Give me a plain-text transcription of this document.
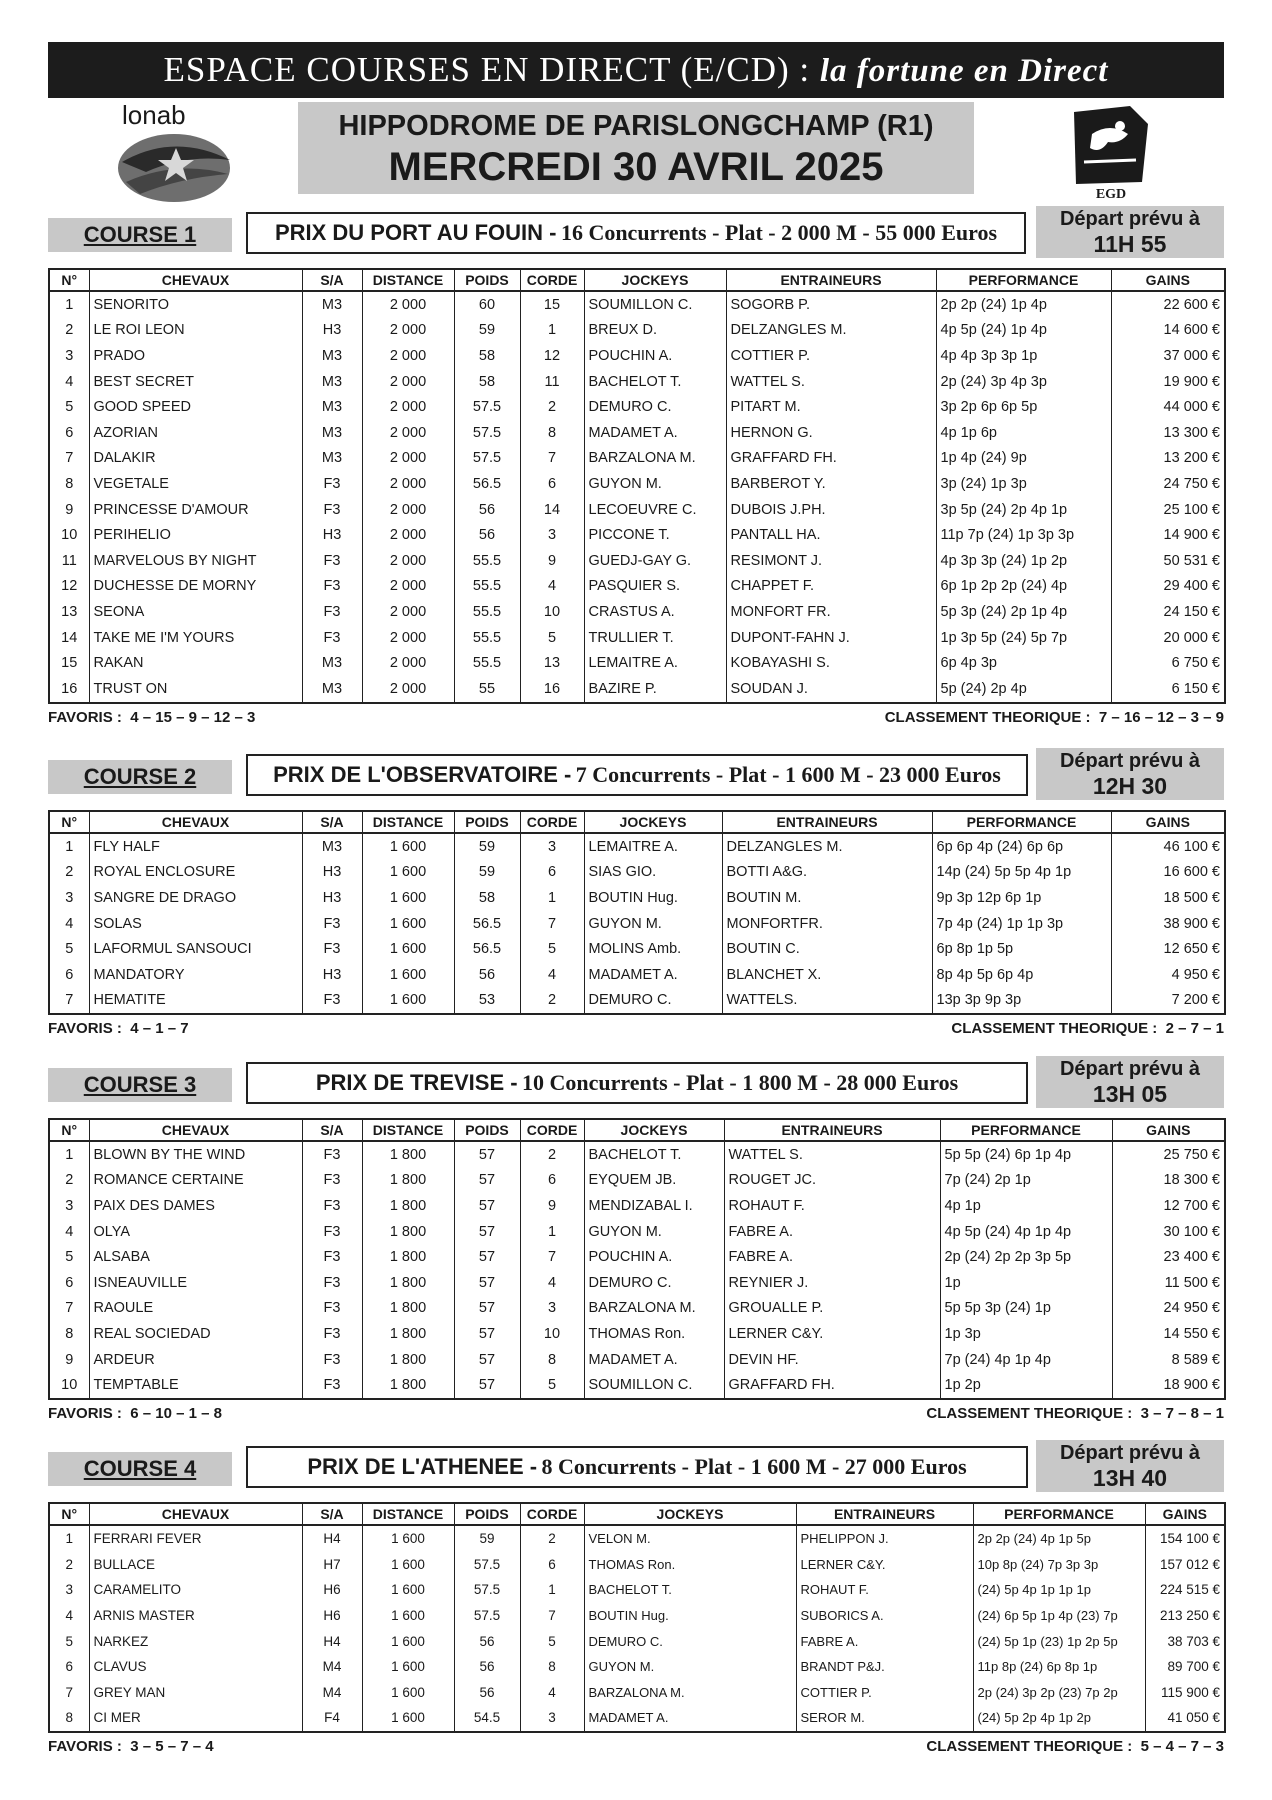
ESPACE COURSES EN DIRECT (E/CD) : la fortune en Direct
lonab	HIPPODROME DE PARISLONGCHAMP (R1)
MERCREDI 30 AVRIL 2025
EGD
COURSE 1	PRIX DU PORT AU FOUIN - 16 Concurrents - Plat - 2 000 M - 55 000 Euros
Départ prévu à
11H 55
N°	CHEVAUX	S/A	DISTANCE	POIDS	CORDE	JOCKEYS	ENTRAINEURS	PERFORMANCE	GAINS
1	SENORITO	M3	2 000	60	15	SOUMILLON C.	SOGORB P.	2p 2p (24) 1p 4p	22 600 €
2	LE ROI LEON	H3	2 000	59	1	BREUX D.	DELZANGLES M.	4p 5p (24) 1p 4p	14 600 €
3	PRADO	M3	2 000	58	12	POUCHIN A.	COTTIER P.	4p 4p 3p 3p 1p	37 000 €
4	BEST SECRET	M3	2 000	58	11	BACHELOT T.	WATTEL S.	2p (24) 3p 4p 3p	19 900 €
5	GOOD SPEED	M3	2 000	57.5	2	DEMURO C.	PITART M.	3p 2p 6p 6p 5p	44 000 €
6	AZORIAN	M3	2 000	57.5	8	MADAMET A.	HERNON G.	4p 1p 6p	13 300 €
7	DALAKIR	M3	2 000	57.5	7	BARZALONA M.	GRAFFARD FH.	1p 4p (24) 9p	13 200 €
8	VEGETALE	F3	2 000	56.5	6	GUYON M.	BARBEROT Y.	3p (24) 1p 3p	24 750 €
9	PRINCESSE D'AMOUR	F3	2 000	56	14	LECOEUVRE C.	DUBOIS J.PH.	3p 5p (24) 2p 4p 1p	25 100 €
10	PERIHELIO	H3	2 000	56	3	PICCONE T.	PANTALL HA.	11p 7p (24) 1p 3p 3p	14 900 €
11	MARVELOUS BY NIGHT	F3	2 000	55.5	9	GUEDJ-GAY G.	RESIMONT J.	4p 3p 3p (24) 1p 2p	50 531 €
12	DUCHESSE DE MORNY	F3	2 000	55.5	4	PASQUIER S.	CHAPPET F.	6p 1p 2p 2p (24) 4p	29 400 €
13	SEONA	F3	2 000	55.5	10	CRASTUS A.	MONFORT FR.	5p 3p (24) 2p 1p 4p	24 150 €
14	TAKE ME I'M YOURS	F3	2 000	55.5	5	TRULLIER T.	DUPONT-FAHN J.	1p 3p 5p (24) 5p 7p	20 000 €
15	RAKAN	M3	2 000	55.5	13	LEMAITRE A.	KOBAYASHI S.	6p 4p 3p	6 750 €
16	TRUST ON	M3	2 000	55	16	BAZIRE P.	SOUDAN J.	5p (24) 2p 4p	6 150 €
FAVORIS : 4 – 15 – 9 – 12 – 3	CLASSEMENT THEORIQUE : 7 – 16 – 12 – 3 – 9
COURSE 2	PRIX DE L'OBSERVATOIRE - 7 Concurrents - Plat - 1 600 M - 23 000 Euros
Départ prévu à
12H 30
N°	CHEVAUX	S/A	DISTANCE	POIDS	CORDE	JOCKEYS	ENTRAINEURS	PERFORMANCE	GAINS
1	FLY HALF	M3	1 600	59	3	LEMAITRE A.	DELZANGLES M.	6p 6p 4p (24) 6p 6p	46 100 €
2	ROYAL ENCLOSURE	H3	1 600	59	6	SIAS GIO.	BOTTI A&G.	14p (24) 5p 5p 4p 1p	16 600 €
3	SANGRE DE DRAGO	H3	1 600	58	1	BOUTIN Hug.	BOUTIN M.	9p 3p 12p 6p 1p	18 500 €
4	SOLAS	F3	1 600	56.5	7	GUYON M.	MONFORTFR.	7p 4p (24) 1p 1p 3p	38 900 €
5	LAFORMUL SANSOUCI	F3	1 600	56.5	5	MOLINS Amb.	BOUTIN C.	6p 8p 1p 5p	12 650 €
6	MANDATORY	H3	1 600	56	4	MADAMET A.	BLANCHET X.	8p 4p 5p 6p 4p	4 950 €
7	HEMATITE	F3	1 600	53	2	DEMURO C.	WATTELS.	13p 3p 9p 3p	7 200 €
FAVORIS : 4 – 1 – 7	CLASSEMENT THEORIQUE : 2 – 7 – 1
COURSE 3	PRIX DE TREVISE - 10 Concurrents - Plat - 1 800 M - 28 000 Euros
Départ prévu à
13H 05
N°	CHEVAUX	S/A	DISTANCE	POIDS	CORDE	JOCKEYS	ENTRAINEURS	PERFORMANCE	GAINS
1	BLOWN BY THE WIND	F3	1 800	57	2	BACHELOT T.	WATTEL S.	5p 5p (24) 6p 1p 4p	25 750 €
2	ROMANCE CERTAINE	F3	1 800	57	6	EYQUEM JB.	ROUGET JC.	7p (24) 2p 1p	18 300 €
3	PAIX DES DAMES	F3	1 800	57	9	MENDIZABAL I.	ROHAUT F.	4p 1p	12 700 €
4	OLYA	F3	1 800	57	1	GUYON M.	FABRE A.	4p 5p (24) 4p 1p 4p	30 100 €
5	ALSABA	F3	1 800	57	7	POUCHIN A.	FABRE A.	2p (24) 2p 2p 3p 5p	23 400 €
6	ISNEAUVILLE	F3	1 800	57	4	DEMURO C.	REYNIER J.	1p	11 500 €
7	RAOULE	F3	1 800	57	3	BARZALONA M.	GROUALLE P.	5p 5p 3p (24) 1p	24 950 €
8	REAL SOCIEDAD	F3	1 800	57	10	THOMAS Ron.	LERNER C&Y.	1p 3p	14 550 €
9	ARDEUR	F3	1 800	57	8	MADAMET A.	DEVIN HF.	7p (24) 4p 1p 4p	8 589 €
10	TEMPTABLE	F3	1 800	57	5	SOUMILLON C.	GRAFFARD FH.	1p 2p	18 900 €
FAVORIS : 6 – 10 – 1 – 8	CLASSEMENT THEORIQUE : 3 – 7 – 8 – 1
COURSE 4	PRIX DE L'ATHENEE - 8 Concurrents - Plat - 1 600 M - 27 000 Euros
Départ prévu à
13H 40
N°	CHEVAUX	S/A	DISTANCE	POIDS	CORDE	JOCKEYS	ENTRAINEURS	PERFORMANCE	GAINS
1	FERRARI FEVER	H4	1 600	59	2	VELON M.	PHELIPPON J.	2p 2p (24) 4p 1p 5p	154 100 €
2	BULLACE	H7	1 600	57.5	6	THOMAS Ron.	LERNER C&Y.	10p 8p (24) 7p 3p 3p	157 012 €
3	CARAMELITO	H6	1 600	57.5	1	BACHELOT T.	ROHAUT F.	(24) 5p 4p 1p 1p 1p	224 515 €
4	ARNIS MASTER	H6	1 600	57.5	7	BOUTIN Hug.	SUBORICS A.	(24) 6p 5p 1p 4p (23) 7p	213 250 €
5	NARKEZ	H4	1 600	56	5	DEMURO C.	FABRE A.	(24) 5p 1p (23) 1p 2p 5p	38 703 €
6	CLAVUS	M4	1 600	56	8	GUYON M.	BRANDT P&J.	11p 8p (24) 6p 8p 1p	89 700 €
7	GREY MAN	M4	1 600	56	4	BARZALONA M.	COTTIER P.	2p (24) 3p 2p (23) 7p 2p	115 900 €
8	CI MER	F4	1 600	54.5	3	MADAMET A.	SEROR M.	(24) 5p 2p 4p 1p 2p	41 050 €
FAVORIS : 3 – 5 – 7 – 4	CLASSEMENT THEORIQUE : 5 – 4 – 7 – 3
